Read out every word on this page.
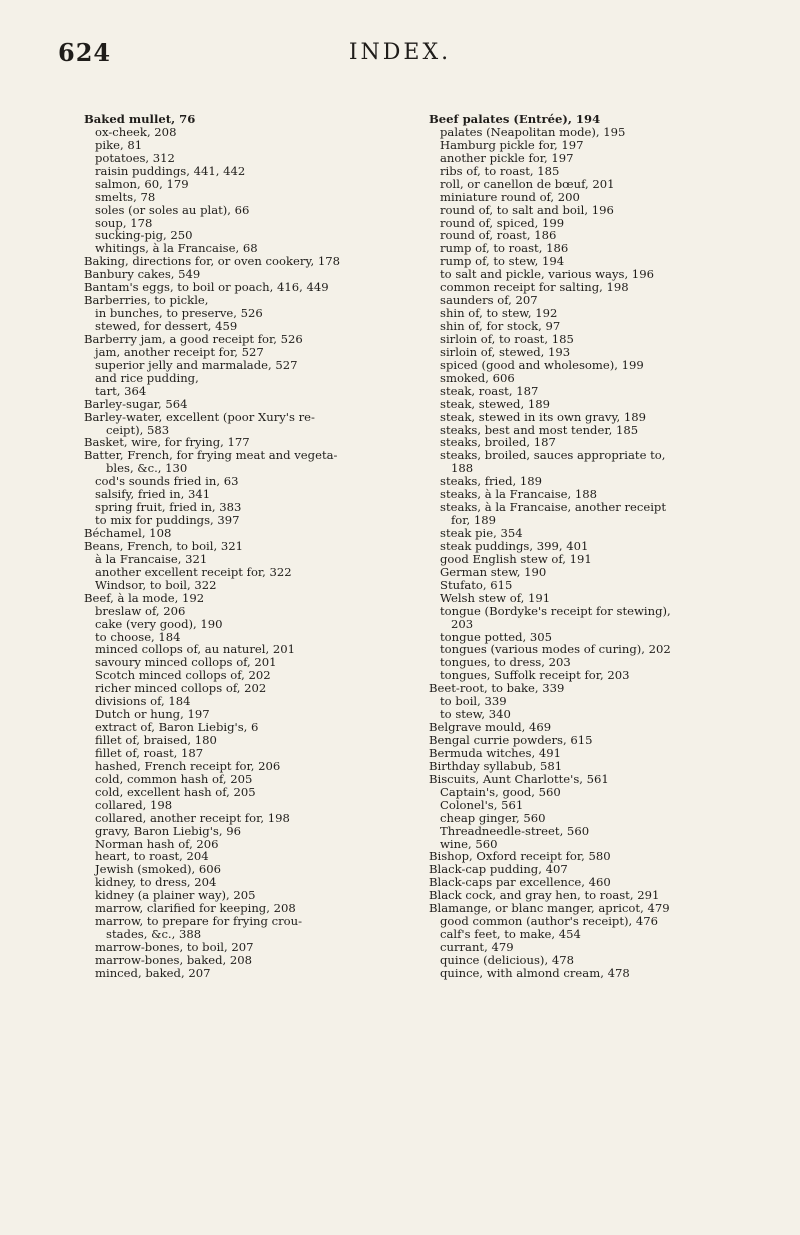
624	INDEX.
Baked mullet, 76
ox-cheek, 208
pike, 81
potatoes, 312
raisin puddings, 441, 442
salmon, 60, 179
smelts, 78
soles (or soles au plat), 66
soup, 178
sucking-pig, 250
whitings, à la Francaise, 68
Baking, directions for, or oven cookery, 178
Banbury cakes, 549
Bantam's eggs, to boil or poach, 416, 449
Barberries, to pickle,
in bunches, to preserve, 526
stewed, for dessert, 459
Barberry jam, a good receipt for, 526
jam, another receipt for, 527
superior jelly and marmalade, 527
and rice pudding,
tart, 364
Barley-sugar, 564
Barley-water, excellent (poor Xury's re-
ceipt), 583
Basket, wire, for frying, 177
Batter, French, for frying meat and vegeta-
bles, &c., 130
cod's sounds fried in, 63
salsify, fried in, 341
spring fruit, fried in, 383
to mix for puddings, 397
Béchamel, 108
Beans, French, to boil, 321
à la Francaise, 321
another excellent receipt for, 322
Windsor, to boil, 322
Beef, à la mode, 192
breslaw of, 206
cake (very good), 190
to choose, 184
minced collops of, au naturel, 201
savoury minced collops of, 201
Scotch minced collops of, 202
richer minced collops of, 202
divisions of, 184
Dutch or hung, 197
extract of, Baron Liebig's, 6
fillet of, braised, 180
fillet of, roast, 187
hashed, French receipt for, 206
cold, common hash of, 205
cold, excellent hash of, 205
collared, 198
collared, another receipt for, 198
gravy, Baron Liebig's, 96
Norman hash of, 206
heart, to roast, 204
Jewish (smoked), 606
kidney, to dress, 204
kidney (a plainer way), 205
marrow, clarified for keeping, 208
marrow, to prepare for frying crou-
stades, &c., 388
marrow-bones, to boil, 207
marrow-bones, baked, 208
minced, baked, 207
Beef palates (Entrée), 194
palates (Neapolitan mode), 195
Hamburg pickle for, 197
another pickle for, 197
ribs of, to roast, 185
roll, or canellon de bœuf, 201
miniature round of, 200
round of, to salt and boil, 196
round of, spiced, 199
round of, roast, 186
rump of, to roast, 186
rump of, to stew, 194
to salt and pickle, various ways, 196
common receipt for salting, 198
saunders of, 207
shin of, to stew, 192
shin of, for stock, 97
sirloin of, to roast, 185
sirloin of, stewed, 193
spiced (good and wholesome), 199
smoked, 606
steak, roast, 187
steak, stewed, 189
steak, stewed in its own gravy, 189
steaks, best and most tender, 185
steaks, broiled, 187
steaks, broiled, sauces appropriate to,
188
steaks, fried, 189
steaks, à la Francaise, 188
steaks, à la Francaise, another receipt
for, 189
steak pie, 354
steak puddings, 399, 401
good English stew of, 191
German stew, 190
Stufato, 615
Welsh stew of, 191
tongue (Bordyke's receipt for stewing),
203
tongue potted, 305
tongues (various modes of curing), 202
tongues, to dress, 203
tongues, Suffolk receipt for, 203
Beet-root, to bake, 339
to boil, 339
to stew, 340
Belgrave mould, 469
Bengal currie powders, 615
Bermuda witches, 491
Birthday syllabub, 581
Biscuits, Aunt Charlotte's, 561
Captain's, good, 560
Colonel's, 561
cheap ginger, 560
Threadneedle-street, 560
wine, 560
Bishop, Oxford receipt for, 580
Black-cap pudding, 407
Black-caps par excellence, 460
Black cock, and gray hen, to roast, 291
Blamange, or blanc manger, apricot, 479
good common (author's receipt), 476
calf's feet, to make, 454
currant, 479
quince (delicious), 478
quince, with almond cream, 478
